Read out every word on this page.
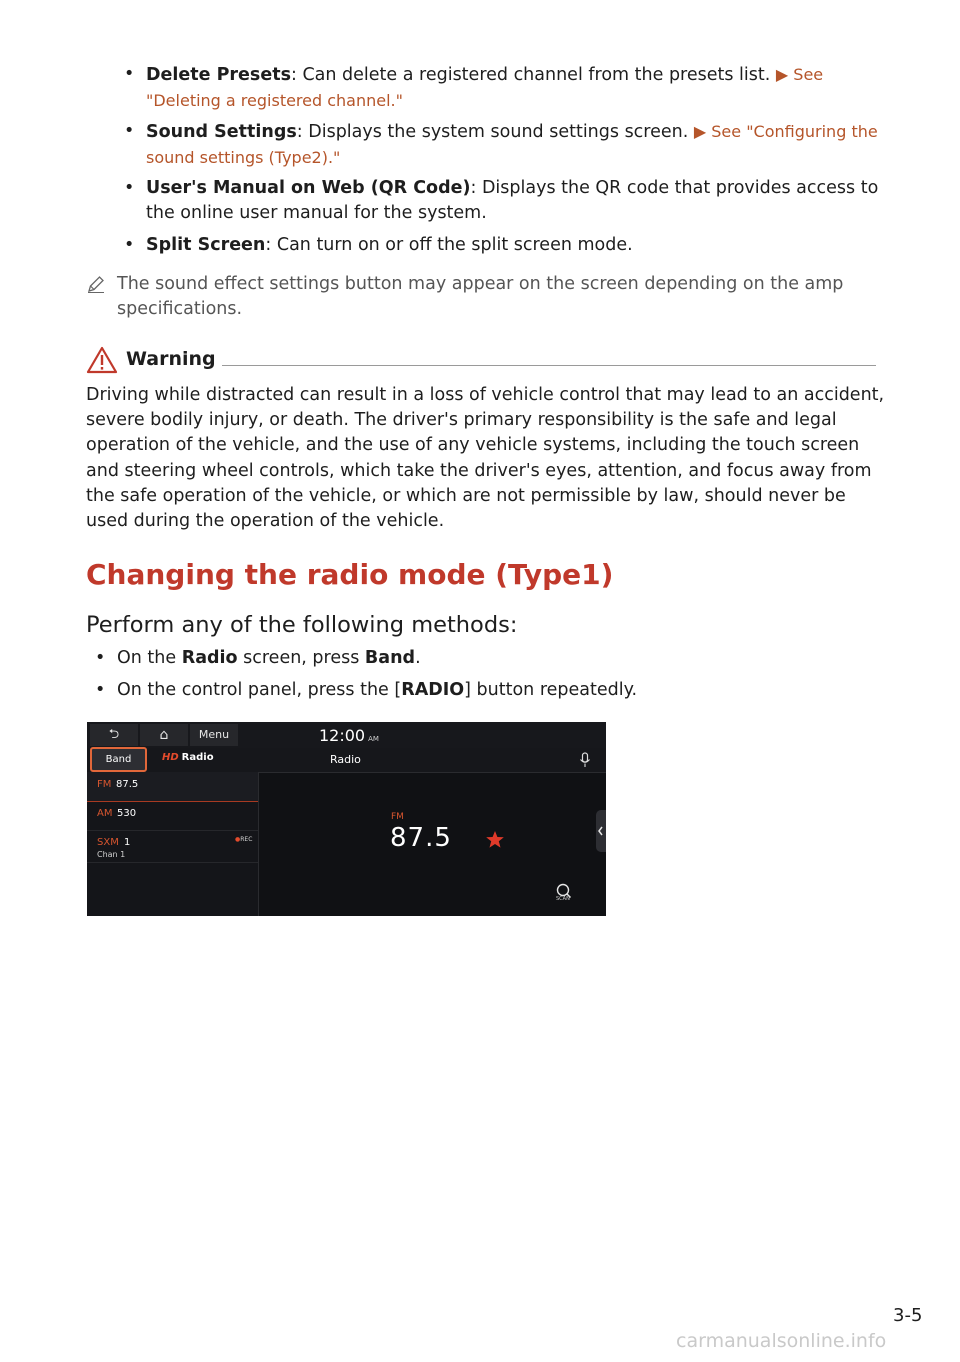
• Delete Presets: Can delete a registered channel from the presets list. ▶ See "Deleting a registered channel."
• Sound Settings: Displays the system sound settings screen. ▶ See "Configuring the sound settings (Type2)."
• User's Manual on Web (QR Code): Displays the QR code that provides access to the online user manual for the system.
• Split Screen: Can turn on or off the split screen mode.
The sound effect settings button may appear on the screen depending on the amp specifications.
Warning
Driving while distracted can result in a loss of vehicle control that may lead to an accident, severe bodily injury, or death. The driver's primary responsibility is the safe and legal operation of the vehicle, and the use of any vehicle systems, including the touch screen and steering wheel controls, which take the driver's eyes, attention, and focus away from the safe operation of the vehicle, or which are not permissible by law, should never be used during the operation of the vehicle.
Changing the radio mode (Type1)
Perform any of the following methods:
• On the Radio screen, press Band.
• On the control panel, press the [RADIO] button repeatedly.
⮌	⌂	Menu	12:00 AM
Band	HD Radio	Radio
FM 87.5
AM 530
SXM 1
Chan 1
●REC
FM
87.5
SCAN
3-5
carmanualsonline.info
